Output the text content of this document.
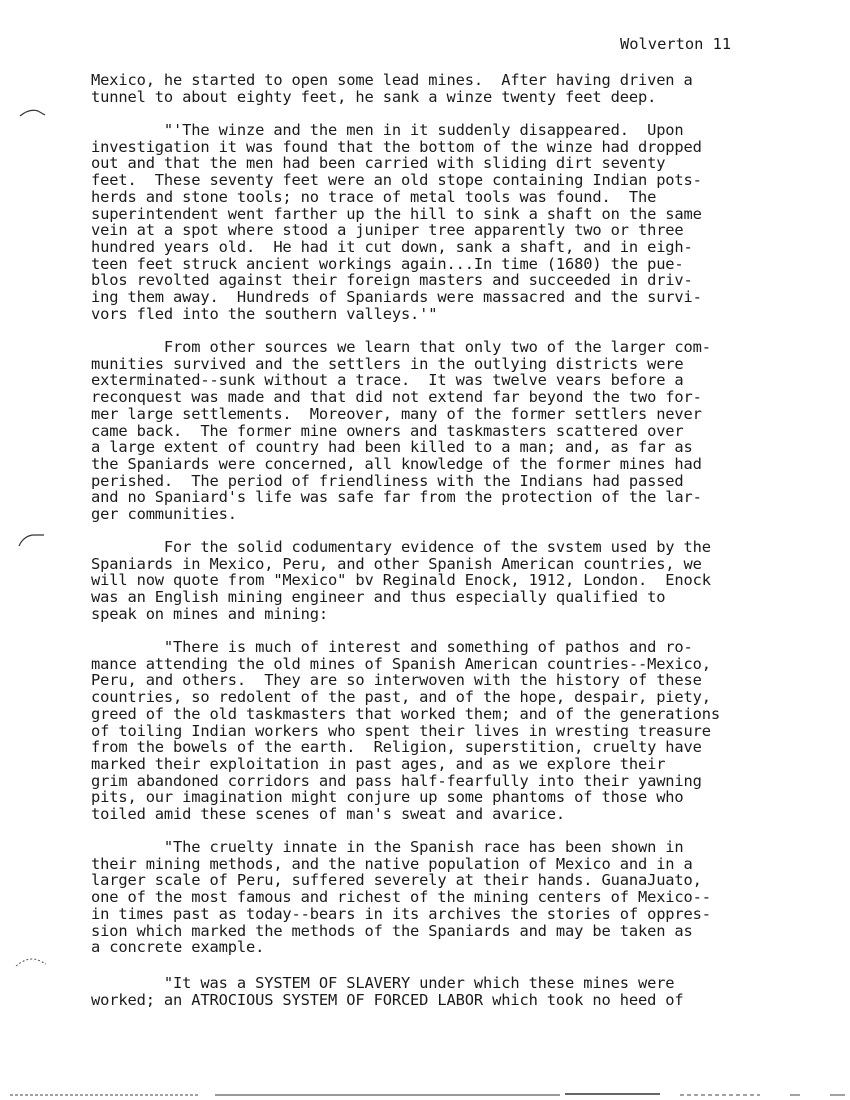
Wolverton 11
Mexico, he started to open some lead mines.  After having driven a
tunnel to about eighty feet, he sank a winze twenty feet deep.
"'The winze and the men in it suddenly disappeared.  Upon
investigation it was found that the bottom of the winze had dropped
out and that the men had been carried with sliding dirt seventy
feet.  These seventy feet were an old stope containing Indian pots-
herds and stone tools; no trace of metal tools was found.  The
superintendent went farther up the hill to sink a shaft on the same
vein at a spot where stood a juniper tree apparently two or three
hundred years old.  He had it cut down, sank a shaft, and in eigh-
teen feet struck ancient workings again...In time (1680) the pue-
blos revolted against their foreign masters and succeeded in driv-
ing them away.  Hundreds of Spaniards were massacred and the survi-
vors fled into the southern valleys.'"
From other sources we learn that only two of the larger com-
munities survived and the settlers in the outlying districts were
exterminated--sunk without a trace.  It was twelve vears before a
reconquest was made and that did not extend far beyond the two for-
mer large settlements.  Moreover, many of the former settlers never
came back.  The former mine owners and taskmasters scattered over
a large extent of country had been killed to a man; and, as far as
the Spaniards were concerned, all knowledge of the former mines had
perished.  The period of friendliness with the Indians had passed
and no Spaniard's life was safe far from the protection of the lar-
ger communities.
For the solid codumentary evidence of the svstem used by the
Spaniards in Mexico, Peru, and other Spanish American countries, we
will now quote from "Mexico" bv Reginald Enock, 1912, London.  Enock
was an English mining engineer and thus especially qualified to
speak on mines and mining:
"There is much of interest and something of pathos and ro-
mance attending the old mines of Spanish American countries--Mexico,
Peru, and others.  They are so interwoven with the history of these
countries, so redolent of the past, and of the hope, despair, piety,
greed of the old taskmasters that worked them; and of the generations
of toiling Indian workers who spent their lives in wresting treasure
from the bowels of the earth.  Religion, superstition, cruelty have
marked their exploitation in past ages, and as we explore their
grim abandoned corridors and pass half-fearfully into their yawning
pits, our imagination might conjure up some phantoms of those who
toiled amid these scenes of man's sweat and avarice.
"The cruelty innate in the Spanish race has been shown in
their mining methods, and the native population of Mexico and in a
larger scale of Peru, suffered severely at their hands. GuanaJuato,
one of the most famous and richest of the mining centers of Mexico--
in times past as today--bears in its archives the stories of oppres-
sion which marked the methods of the Spaniards and may be taken as
a concrete example.
"It was a SYSTEM OF SLAVERY under which these mines were
worked; an ATROCIOUS SYSTEM OF FORCED LABOR which took no heed of
